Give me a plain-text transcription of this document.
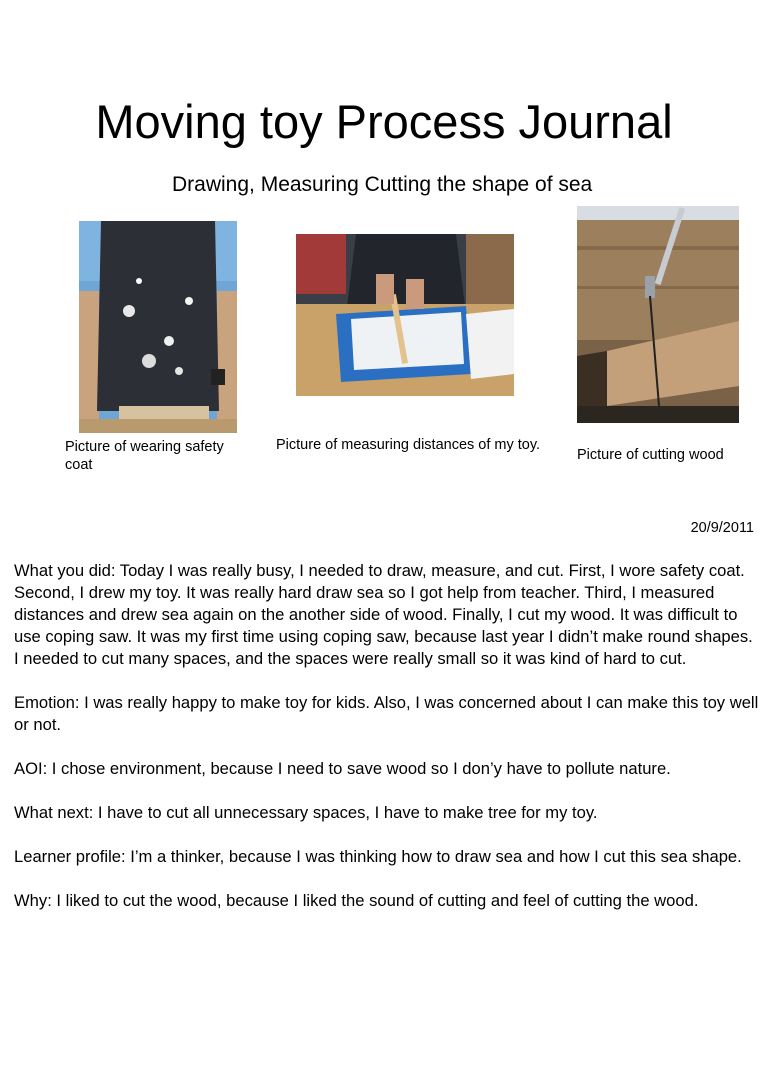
Moving toy Process Journal
Drawing, Measuring Cutting the shape of sea
Picture of wearing safety coat
Picture of measuring distances of my toy.
Picture of cutting wood
20/9/2011

What you did: Today I was really busy, I needed to draw, measure, and cut. First, I wore safety coat. Second, I drew my toy. It was really hard draw sea so I got help from teacher. Third, I measured distances and drew sea again on the another side of wood. Finally, I cut my wood. It was difficult to use coping saw. It was my first time using coping saw, because last year I didn’t make round shapes. I needed to cut many spaces, and the spaces were really small so it was kind of hard to cut.

Emotion: I was really happy to make toy for kids. Also, I was concerned about I can make this toy well or not.

AOI: I chose environment, because I need to save wood so I don’y have to pollute nature.

What next: I have to cut all unnecessary spaces, I have to make tree for my toy.

Learner profile: I’m a thinker, because I was thinking how to draw sea and how I cut this sea shape.

Why: I liked to cut the wood, because I liked the sound of cutting and feel of cutting the wood.
